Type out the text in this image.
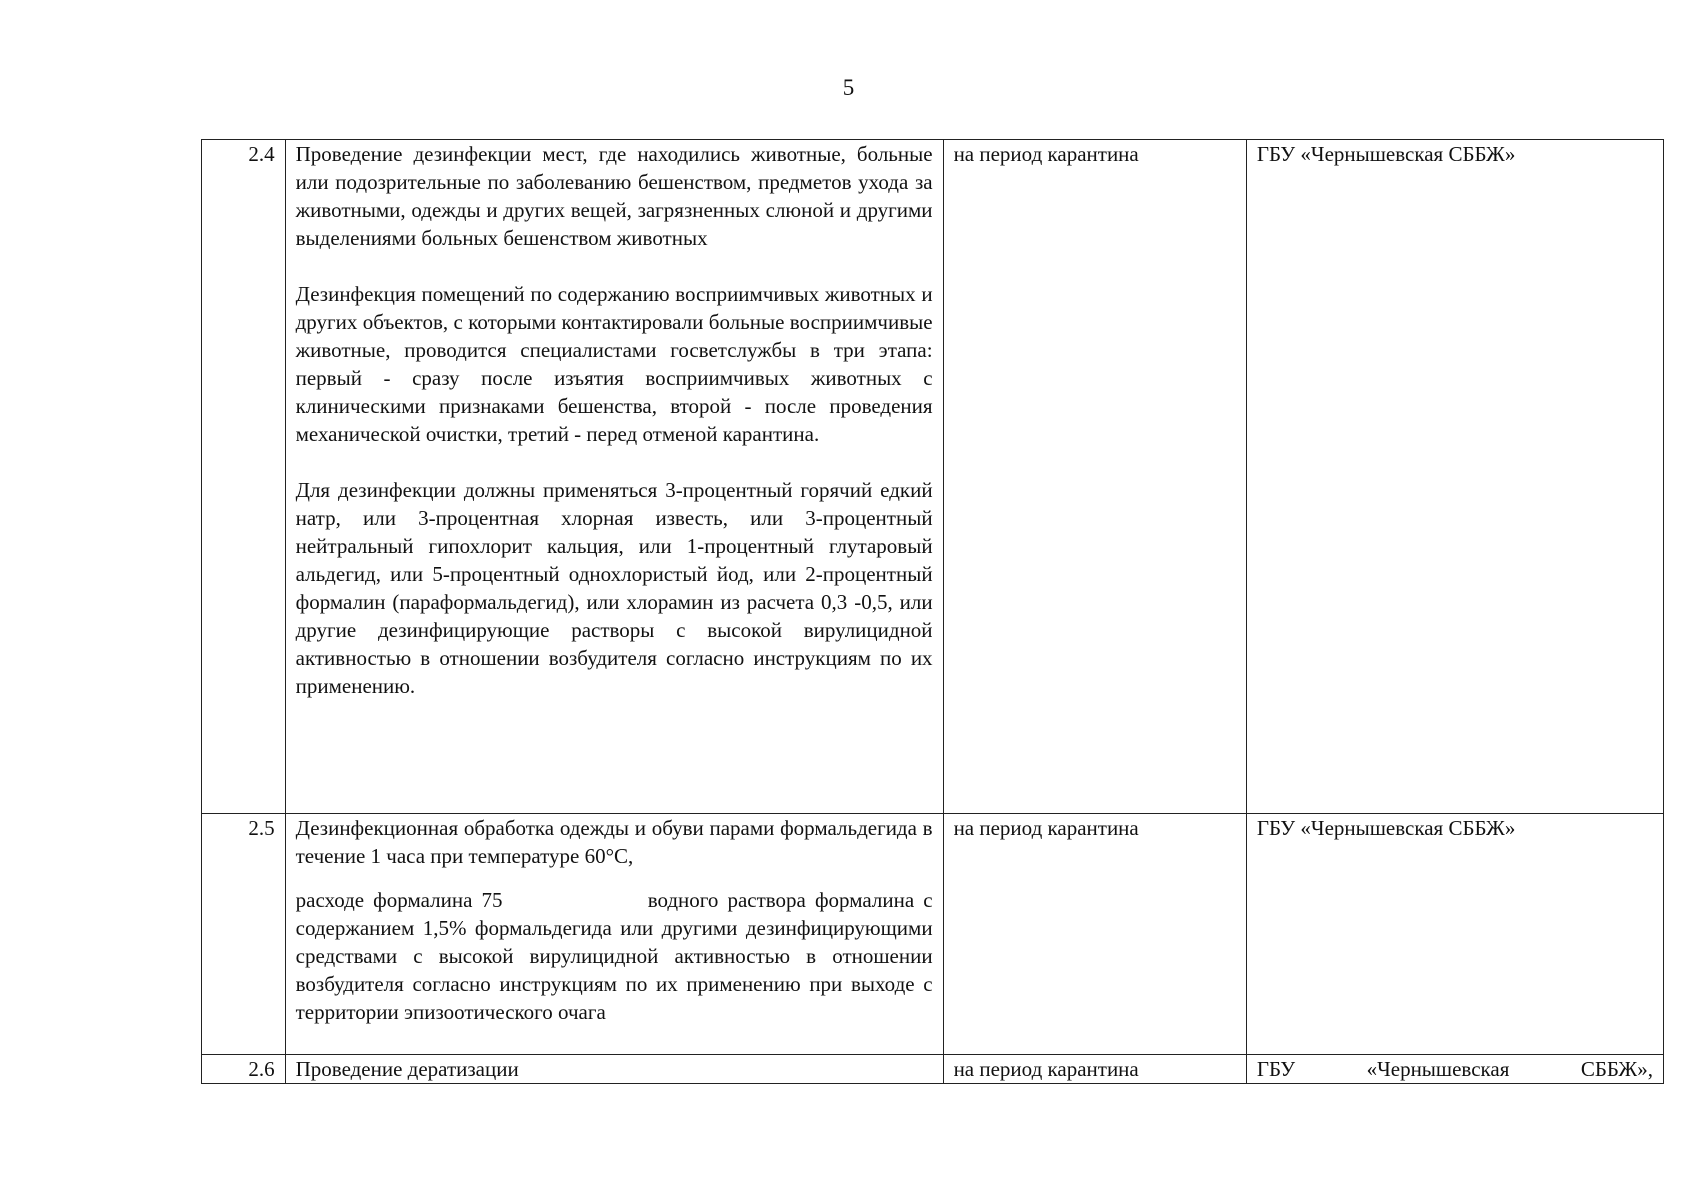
5
2.4	Проведение дезинфекции мест, где находились животные, больные или подозрительные по заболеванию бешенством, предметов ухода за животными, одежды и других вещей, загрязненных слюной и другими выделениями больных бешенством животных

Дезинфекция помещений по содержанию восприимчивых животных и других объектов, с которыми контактировали больные восприимчивые животные, проводится специалистами госветслужбы в три этапа: первый - сразу после изъятия восприимчивых животных с клиническими признаками бешенства, второй - после проведения механической очистки, третий - перед отменой карантина.

Для дезинфекции должны применяться 3-процентный горячий едкий натр, или 3-процентная хлорная известь, или 3-процентный нейтральный гипохлорит кальция, или 1-процентный глутаровый альдегид, или 5-процентный однохлористый йод, или 2-процентный формалин (параформальдегид), или хлорамин из расчета 0,3 -0,5, или другие дезинфицирующие растворы с высокой вирулицидной активностью в отношении возбудителя согласно инструкциям по их применению.	на период карантина	ГБУ «Чернышевская СББЖ»
2.5	Дезинфекционная обработка одежды и обуви парами формальдегида в течение 1 часа при температуре 60°C,

расходе формалина 75                водного раствора формалина с содержанием 1,5% формальдегида или другими дезинфицирующими средствами с высокой вирулицидной активностью в отношении возбудителя согласно инструкциям по их применению при выходе с территории эпизоотического очага	на период карантина	ГБУ «Чернышевская СББЖ»
2.6	Проведение дератизации	на период карантина	ГБУ «Чернышевская СББЖ»,
